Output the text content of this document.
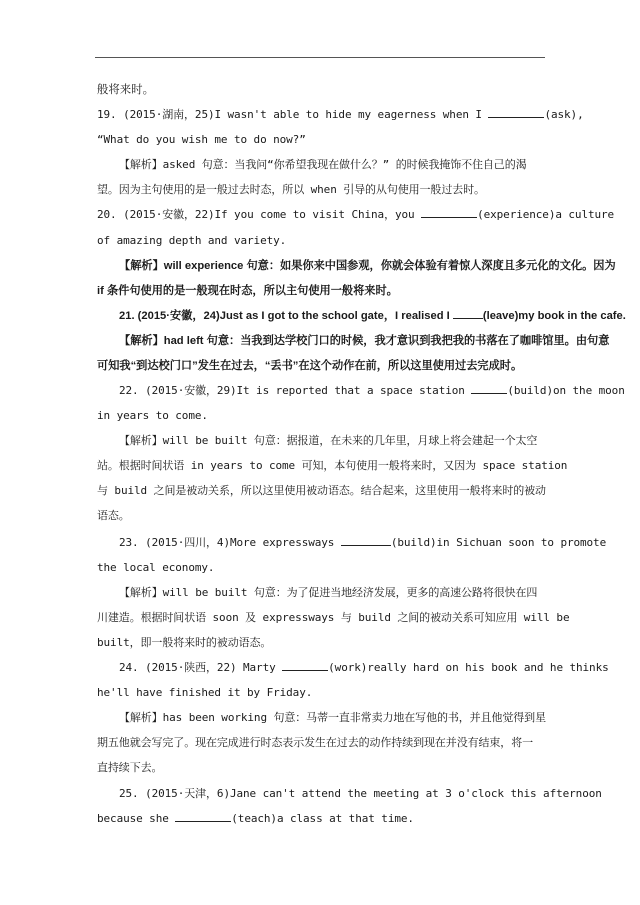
般将来时。
19. (2015·湖南，25)I wasn't able to hide my eagerness when I	(ask),
“What do you wish me to do now?”
【解析】asked 句意：当我问“你希望我现在做什么？” 的时候我掩饰不住自己的渴
望。因为主句使用的是一般过去时态，所以 when 引导的从句使用一般过去时。
20. (2015·安徽，22)If you come to visit China，you	(experience)a culture
of amazing depth and variety.
【解析】will experience 句意：如果你来中国参观，你就会体验有着惊人深度且多元化的文化。因为
if 条件句使用的是一般现在时态，所以主句使用一般将来时。
21. (2015·安徽，24)Just as I got to the school gate，I realised I	(leave)my book in the cafe.
【解析】had left 句意：当我到达学校门口的时候，我才意识到我把我的书落在了咖啡馆里。由句意
可知我“到达校门口”发生在过去，“丢书”在这个动作在前，所以这里使用过去完成时。
22. (2015·安徽，29)It is reported that a space station	(build)on the moon
in years to come.
【解析】will be built 句意：据报道，在未来的几年里，月球上将会建起一个太空
站。根据时间状语 in years to come 可知，本句使用一般将来时，又因为 space station
与 build 之间是被动关系，所以这里使用被动语态。结合起来，这里使用一般将来时的被动
语态。
23. (2015·四川，4)More expressways	(build)in Sichuan soon to promote
the local economy.
【解析】will be built 句意：为了促进当地经济发展，更多的高速公路将很快在四
川建造。根据时间状语 soon 及 expressways 与 build 之间的被动关系可知应用 will be
built，即一般将来时的被动语态。
24. (2015·陕西，22) Marty	(work)really hard on his book and he thinks
he'll have finished it by Friday.
【解析】has been working 句意：马蒂一直非常卖力地在写他的书，并且他觉得到星
期五他就会写完了。现在完成进行时态表示发生在过去的动作持续到现在并没有结束，将一
直持续下去。
25. (2015·天津，6)Jane can't attend the meeting at 3 o'clock this afternoon
because she	(teach)a class at that time.
